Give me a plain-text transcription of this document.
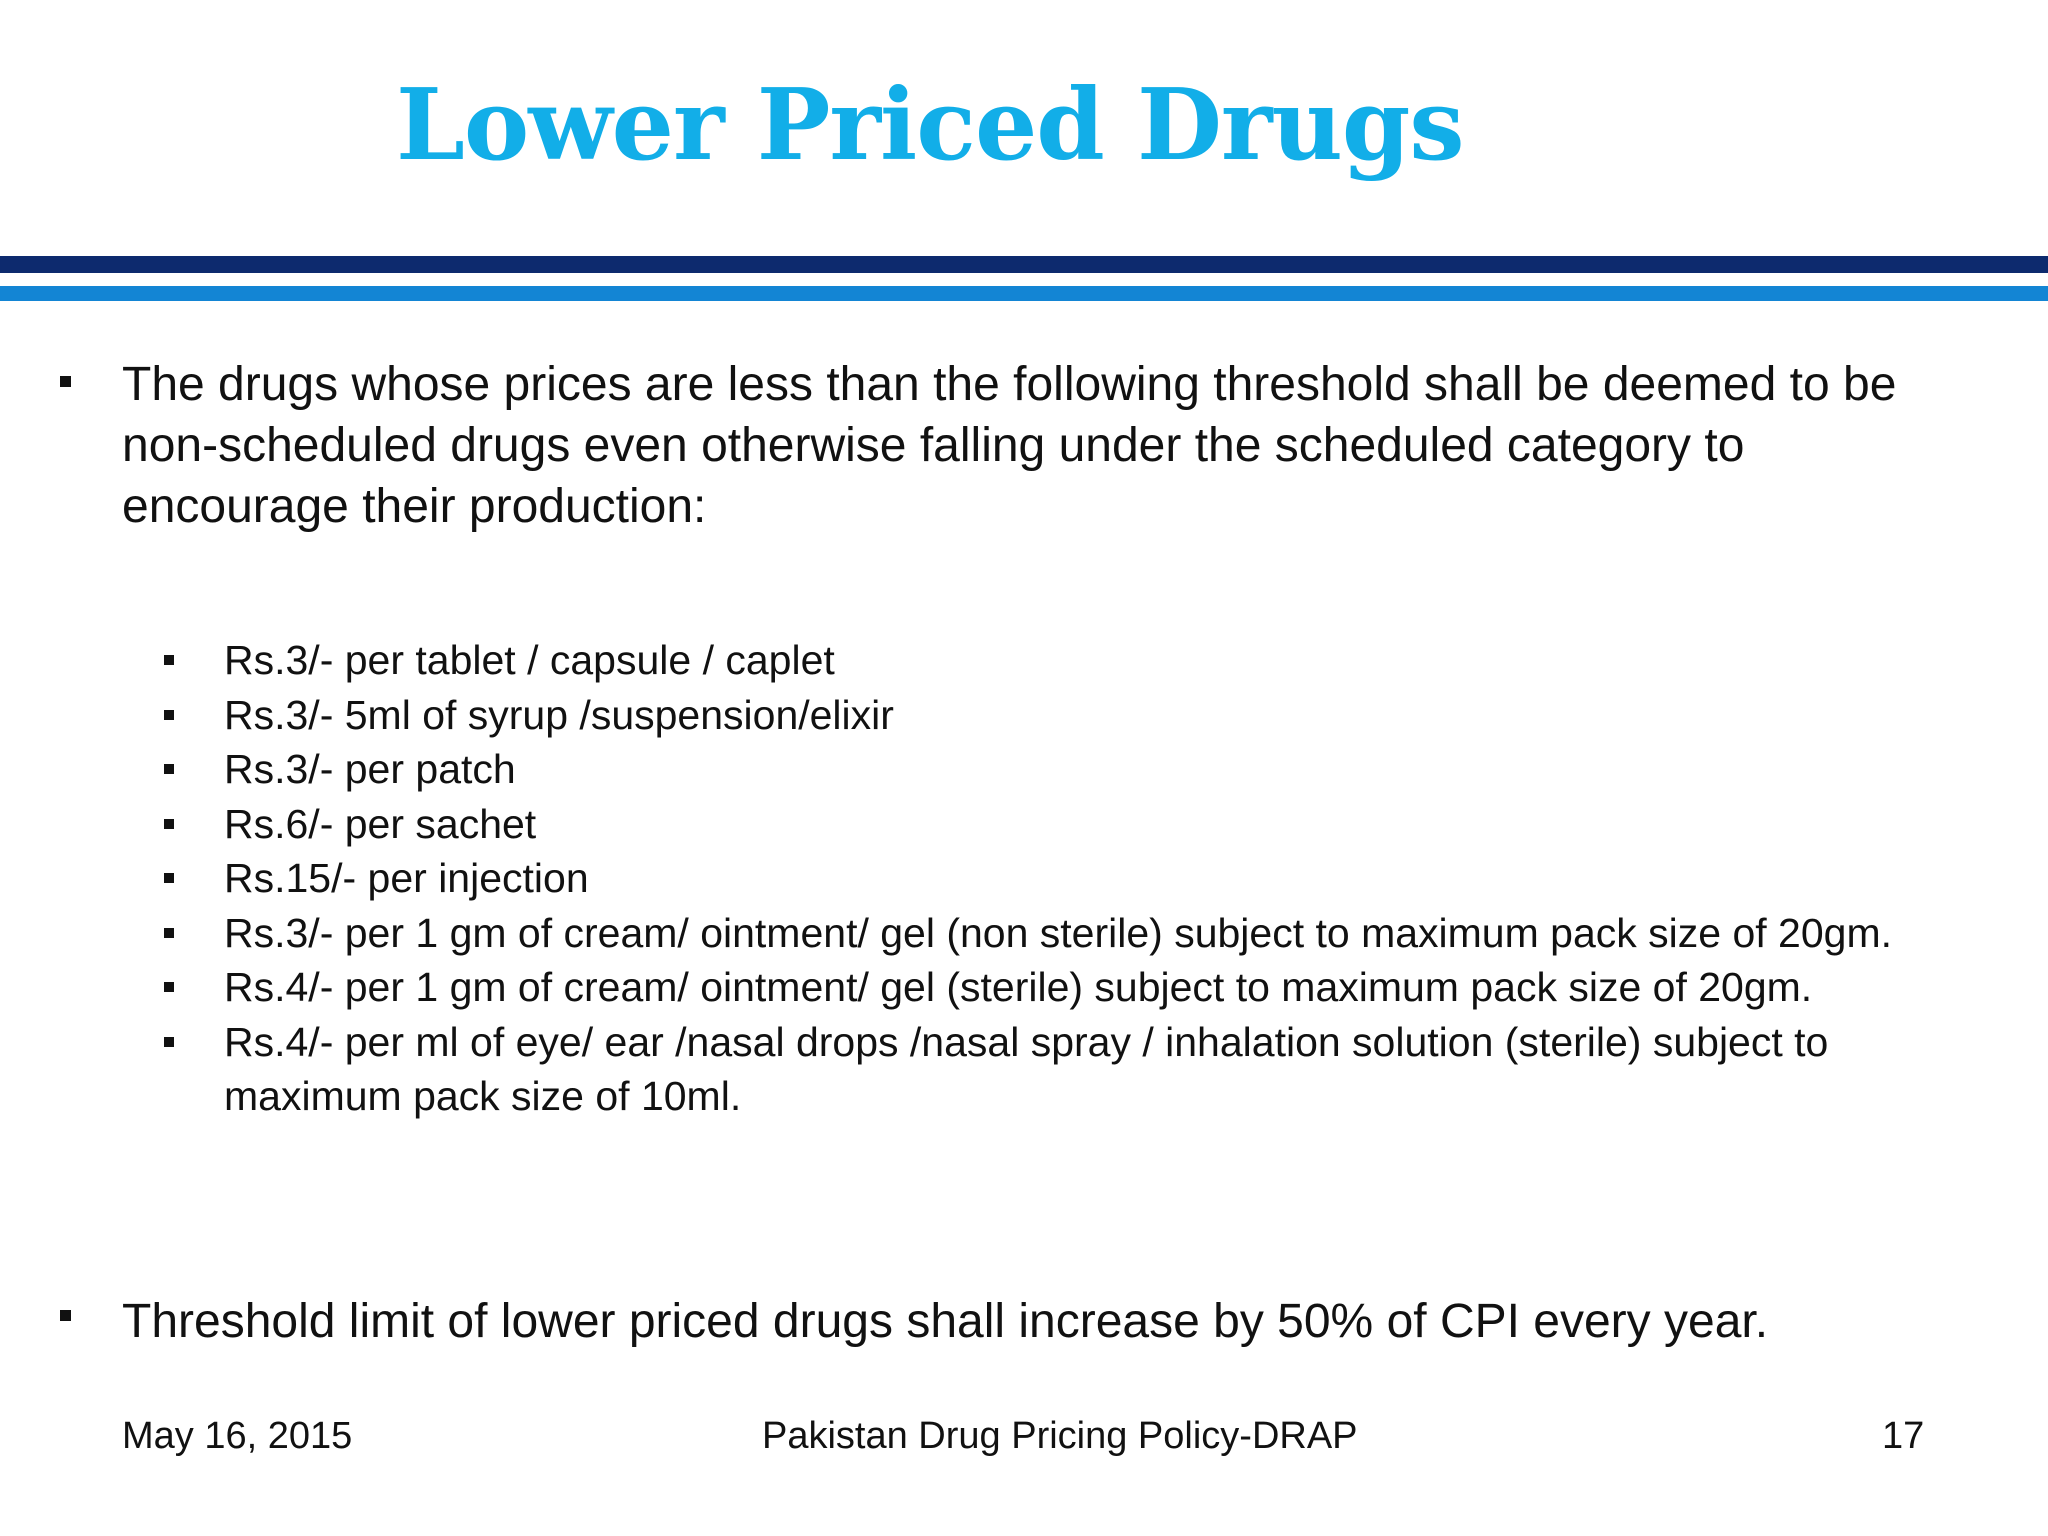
Lower Priced Drugs
The drugs whose prices are less than the following threshold shall be deemed to be non-scheduled drugs even otherwise falling under the scheduled category to encourage their production:
Rs.3/- per tablet / capsule / caplet
Rs.3/- 5ml of syrup /suspension/elixir
Rs.3/- per patch
Rs.6/- per sachet
Rs.15/- per injection
Rs.3/- per 1 gm of cream/ ointment/ gel (non sterile) subject to maximum pack size of 20gm.
Rs.4/- per 1 gm of cream/ ointment/ gel (sterile) subject to maximum pack size of 20gm.
Rs.4/- per ml of eye/ ear /nasal drops /nasal spray / inhalation solution (sterile) subject to maximum pack size of 10ml.
Threshold limit of lower priced drugs shall increase by 50% of CPI every year.
May 16, 2015	Pakistan Drug Pricing Policy-DRAP	17
